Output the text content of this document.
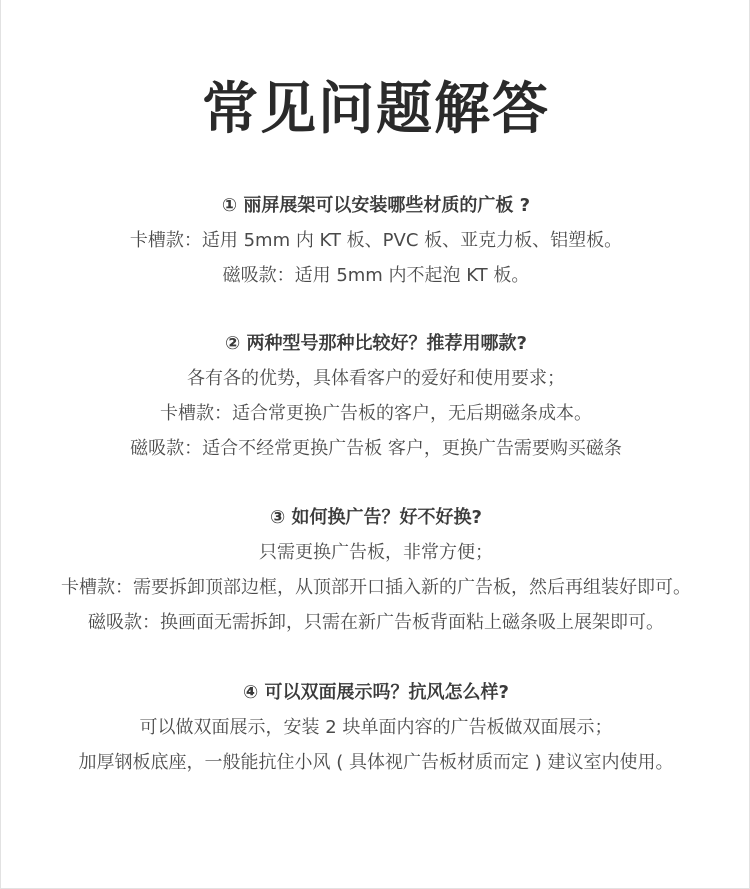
常见问题解答
① 丽屏展架可以安装哪些材质的广板 ?
卡槽款：适用 5mm 内 KT 板、PVC 板、亚克力板、铝塑板。
磁吸款：适用 5mm 内不起泡 KT 板。
② 两种型号那种比较好？推荐用哪款?
各有各的优势，具体看客户的爱好和使用要求；
卡槽款：适合常更换广告板的客户，无后期磁条成本。
磁吸款：适合不经常更换广告板 客户，更换广告需要购买磁条
③ 如何换广告？好不好换?
只需更换广告板，非常方便；
卡槽款：需要拆卸顶部边框，从顶部开口插入新的广告板，然后再组装好即可。
磁吸款：换画面无需拆卸，只需在新广告板背面粘上磁条吸上展架即可。
④ 可以双面展示吗？抗风怎么样?
可以做双面展示，安装 2 块单面内容的广告板做双面展示；
加厚钢板底座，一般能抗住小风 ( 具体视广告板材质而定 ) 建议室内使用。
